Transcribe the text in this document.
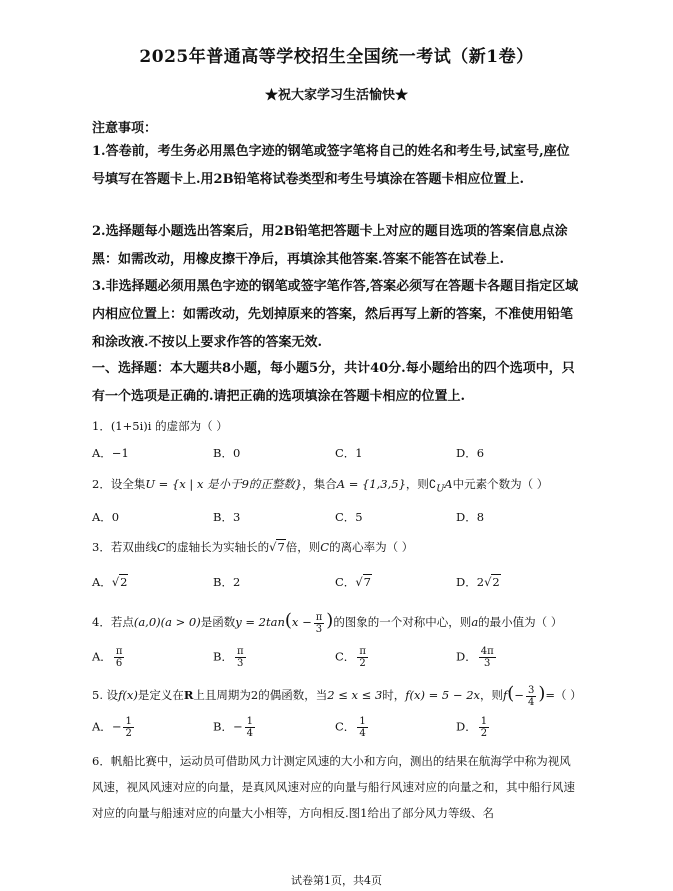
2025年普通高等学校招生全国统一考试（新1卷）
★祝大家学习生活愉快★
注意事项：
1.答卷前，考生务必用黑色字迹的钢笔或签字笔将自己的姓名和考生号,试室号,座位号填写在答题卡上.用2B铅笔将试卷类型和考生号填涂在答题卡相应位置上.
2.选择题每小题选出答案后，用2B铅笔把答题卡上对应的题目选项的答案信息点涂黑：如需改动，用橡皮擦干净后，再填涂其他答案.答案不能答在试卷上.
3.非选择题必须用黑色字迹的钢笔或签字笔作答,答案必须写在答题卡各题目指定区域内相应位置上：如需改动，先划掉原来的答案，然后再写上新的答案，不准使用铅笔和涂改液.不按以上要求作答的答案无效.
一、选择题：本大题共8小题，每小题5分，共计40分.每小题给出的四个选项中，只有一个选项是正确的.请把正确的选项填涂在答题卡相应的位置上.
1．(1+5i)i 的虚部为（ ）
A．−1	B．0	C．1	D．6
2．设全集U = {x | x 是小于9的正整数}，集合A = {1,3,5}，则$∁_UA$中元素个数为（ ）
A．0	B．3	C．5	D．8
3．若双曲线C的虚轴长为实轴长的√7倍，则C的离心率为（ ）
A．√2	B．2	C．√7	D．2√2
4．若点(a,0)(a > 0)是函数$y = 2\tan(x - \frac{\pi}{3}$ )的图象的一个对称中心，则a的最小值为（ ）
A． $\frac{\pi}{6}$	B． $\frac{\pi}{3}$	C． $\frac{\pi}{2}$	D． $\frac{4\pi}{3}$
5. 设f(x)是定义在R上且周期为2的偶函数，当2 ≤ x ≤ 3时，f(x) = 5 − 2x，则$f(- \frac{3}{4}$ )=（ ）
A．− $\frac{1}{2}$	B．− $\frac{1}{4}$	C． $\frac{1}{4}$	D． $\frac{1}{2}$
6．帆船比赛中，运动员可借助风力计测定风速的大小和方向，测出的结果在航海学中称为视风风速，视风风速对应的向量，是真风风速对应的向量与船行风速对应的向量之和，其中船行风速对应的向量与船速对应的向量大小相等，方向相反.图1给出了部分风力等级、名
试卷第1页，共4页
